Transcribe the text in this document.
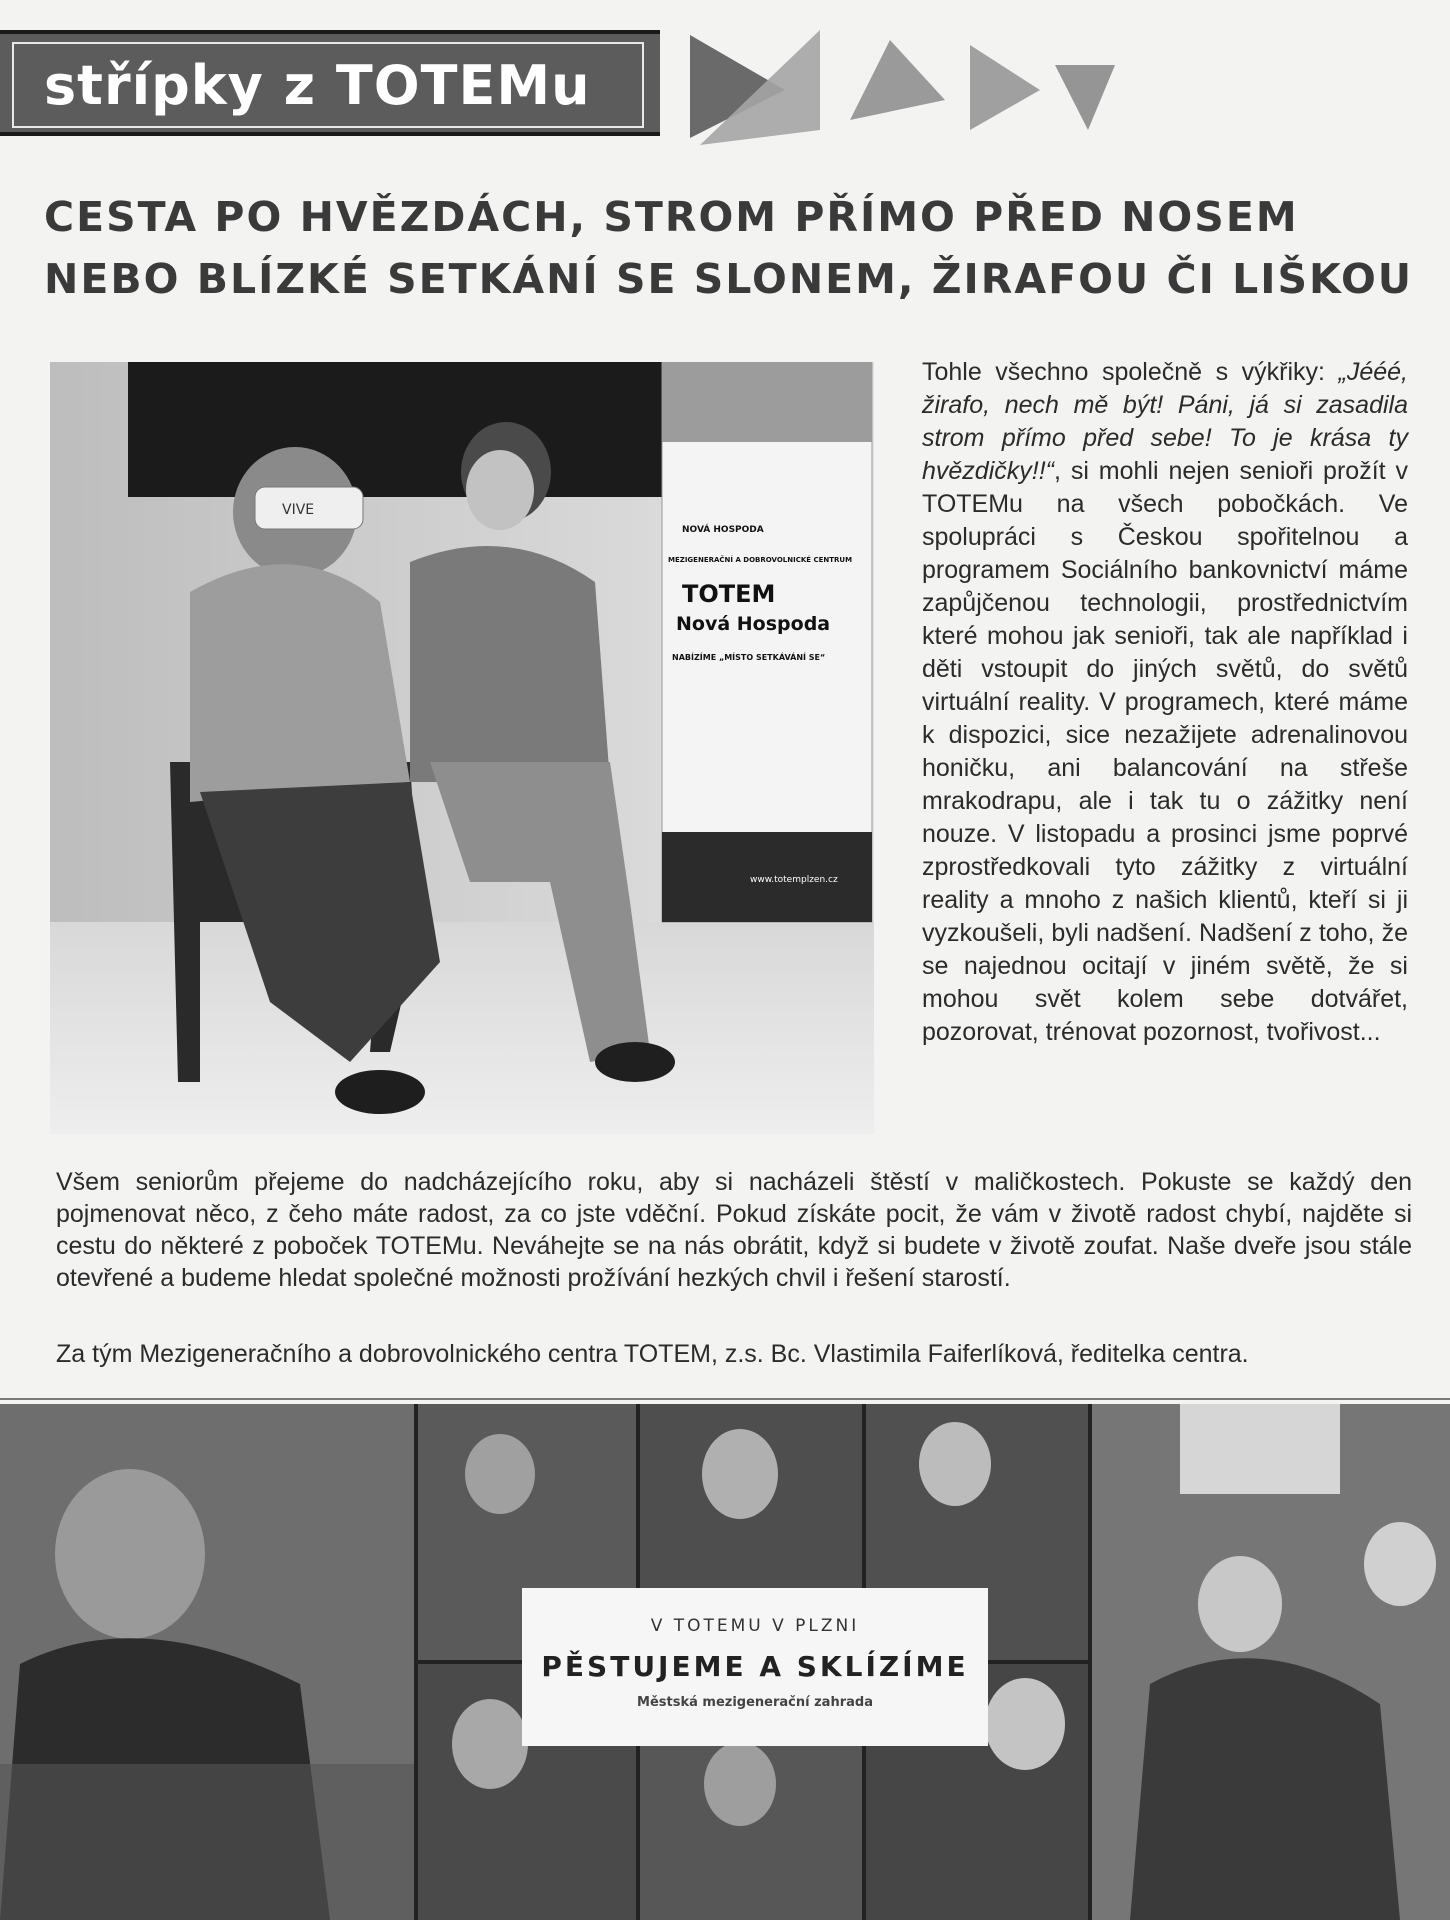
střípky z TOTEMu
CESTA PO HVĚZDÁCH, STROM PŘÍMO PŘED NOSEM
NEBO BLÍZKÉ SETKÁNÍ SE SLONEM, ŽIRAFOU ČI LIŠKOU
NOVÁ HOSPODA
MEZIGENERAČNÍ A DOBROVOLNICKÉ CENTRUM
TOTEM
Nová Hospoda
NABÍZÍME „MÍSTO SETKÁVÁNÍ SE“
www.totemplzen.cz
VIVE
Tohle všechno společně s výkřiky: „Jééé, žirafo, nech mě být! Páni, já si zasadila strom přímo před sebe! To je krása ty hvězdičky!!“, si mohli nejen senioři prožít v TOTEMu na všech pobočkách. Ve spolupráci s Českou spořitelnou a programem Sociálního bankovnictví máme zapůjčenou technologii, prostřednictvím které mohou jak senioři, tak ale například i děti vstoupit do jiných světů, do světů virtuální reality. V programech, které máme k dispozici, sice nezažijete adrenalinovou honičku, ani balancování na střeše mrakodrapu, ale i tak tu o zážitky není nouze. V listopadu a prosinci jsme poprvé zprostředkovali tyto zážitky z virtuální reality a mnoho z našich klientů, kteří si ji vyzkoušeli, byli nadšení. Nadšení z toho, že se najednou ocitají v jiném světě, že si mohou svět kolem sebe dotvářet, pozorovat, trénovat pozornost, tvořivost...
Všem seniorům přejeme do nadcházejícího roku, aby si nacházeli štěstí v maličkostech. Pokuste se každý den pojmenovat něco, z čeho máte radost, za co jste vděční. Pokud získáte pocit, že vám v životě radost chybí, najděte si cestu do některé z poboček TOTEMu. Neváhejte se na nás obrátit, když si budete v životě zoufat. Naše dveře jsou stále otevřené a budeme hledat společné možnosti prožívání hezkých chvil i řešení starostí.
Za tým Mezigeneračního a dobrovolnického centra TOTEM, z.s. Bc. Vlastimila Faiferlíková, ředitelka centra.
V TOTEMU V PLZNI
PĚSTUJEME A SKLÍZÍME
Městská mezigenerační zahrada
